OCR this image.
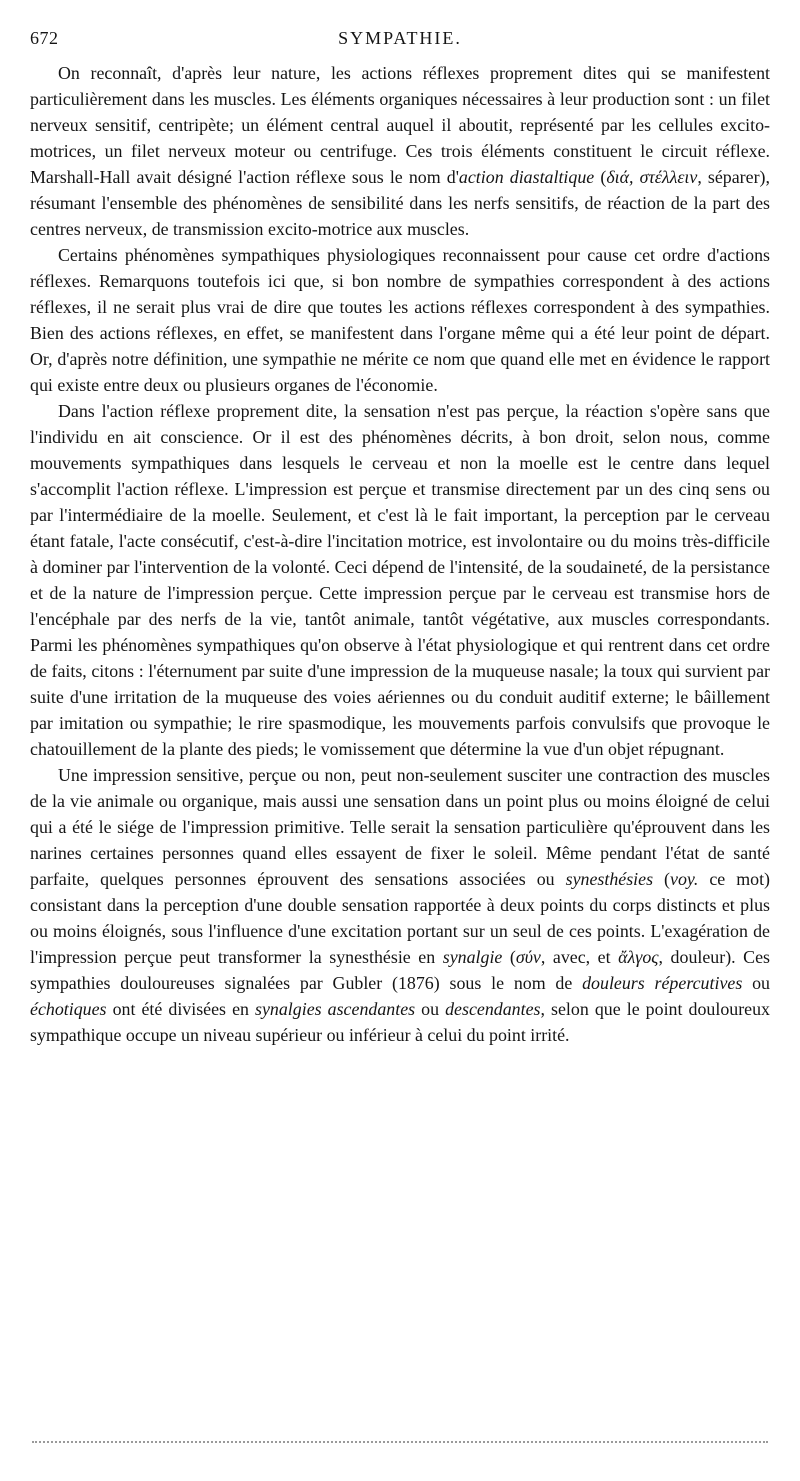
672	SYMPATHIE.

On reconnaît, d'après leur nature, les actions réflexes proprement dites qui se manifestent particulièrement dans les muscles. Les éléments organiques nécessaires à leur production sont : un filet nerveux sensitif, centripète; un élément central auquel il aboutit, représenté par les cellules excito-motrices, un filet nerveux moteur ou centrifuge. Ces trois éléments constituent le circuit réflexe. Marshall-Hall avait désigné l'action réflexe sous le nom d'action diastaltique (διά, στέλλειν, séparer), résumant l'ensemble des phénomènes de sensibilité dans les nerfs sensitifs, de réaction de la part des centres nerveux, de transmission excito-motrice aux muscles.

Certains phénomènes sympathiques physiologiques reconnaissent pour cause cet ordre d'actions réflexes. Remarquons toutefois ici que, si bon nombre de sympathies correspondent à des actions réflexes, il ne serait plus vrai de dire que toutes les actions réflexes correspondent à des sympathies. Bien des actions réflexes, en effet, se manifestent dans l'organe même qui a été leur point de départ. Or, d'après notre définition, une sympathie ne mérite ce nom que quand elle met en évidence le rapport qui existe entre deux ou plusieurs organes de l'économie.

Dans l'action réflexe proprement dite, la sensation n'est pas perçue, la réaction s'opère sans que l'individu en ait conscience. Or il est des phénomènes décrits, à bon droit, selon nous, comme mouvements sympathiques dans lesquels le cerveau et non la moelle est le centre dans lequel s'accomplit l'action réflexe. L'impression est perçue et transmise directement par un des cinq sens ou par l'intermédiaire de la moelle. Seulement, et c'est là le fait important, la perception par le cerveau étant fatale, l'acte consécutif, c'est-à-dire l'incitation motrice, est involontaire ou du moins très-difficile à dominer par l'intervention de la volonté. Ceci dépend de l'intensité, de la soudaineté, de la persistance et de la nature de l'impression perçue. Cette impression perçue par le cerveau est transmise hors de l'encéphale par des nerfs de la vie, tantôt animale, tantôt végétative, aux muscles correspondants. Parmi les phénomènes sympathiques qu'on observe à l'état physiologique et qui rentrent dans cet ordre de faits, citons : l'éternument par suite d'une impression de la muqueuse nasale; la toux qui survient par suite d'une irritation de la muqueuse des voies aériennes ou du conduit auditif externe; le bâillement par imitation ou sympathie; le rire spasmodique, les mouvements parfois convulsifs que provoque le chatouillement de la plante des pieds; le vomissement que détermine la vue d'un objet répugnant.

Une impression sensitive, perçue ou non, peut non-seulement susciter une contraction des muscles de la vie animale ou organique, mais aussi une sensation dans un point plus ou moins éloigné de celui qui a été le siége de l'impression primitive. Telle serait la sensation particulière qu'éprouvent dans les narines certaines personnes quand elles essayent de fixer le soleil. Même pendant l'état de santé parfaite, quelques personnes éprouvent des sensations associées ou synesthésies (voy. ce mot) consistant dans la perception d'une double sensation rapportée à deux points du corps distincts et plus ou moins éloignés, sous l'influence d'une excitation portant sur un seul de ces points. L'exagération de l'impression perçue peut transformer la synesthésie en synalgie (σύν, avec, et ἄλγος, douleur). Ces sympathies douloureuses signalées par Gubler (1876) sous le nom de douleurs répercutives ou échotiques ont été divisées en synalgies ascendantes ou descendantes, selon que le point douloureux sympathique occupe un niveau supérieur ou inférieur à celui du point irrité.
